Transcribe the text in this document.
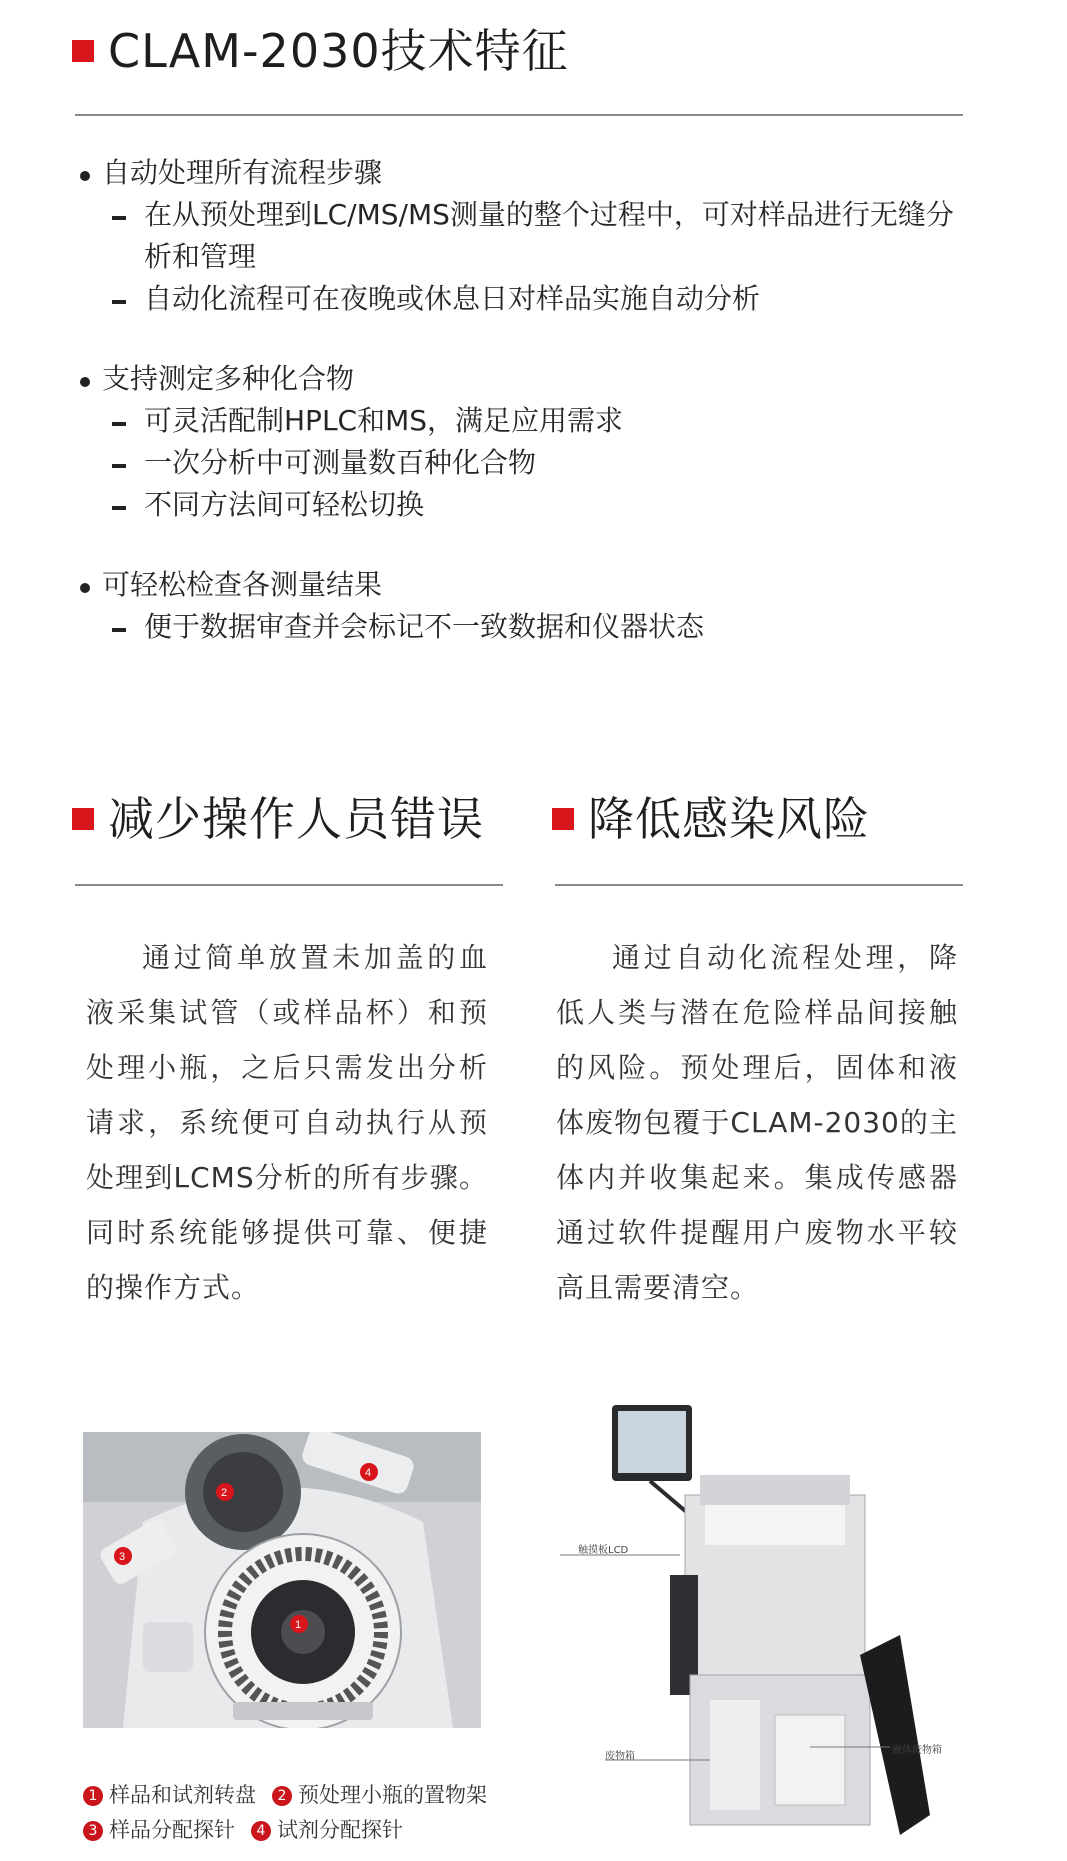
CLAM-2030技术特征
自动处理所有流程步骤
在从预处理到LC/MS/MS测量的整个过程中，可对样品进行无缝分析和管理
自动化流程可在夜晚或休息日对样品实施自动分析
支持测定多种化合物
可灵活配制HPLC和MS，满足应用需求
一次分析中可测量数百种化合物
不同方法间可轻松切换
可轻松检查各测量结果
便于数据审查并会标记不一致数据和仪器状态
减少操作人员错误 降低感染风险
通过简单放置未加盖的血液采集试管（或样品杯）和预处理小瓶，之后只需发出分析请求，系统便可自动执行从预处理到LCMS分析的所有步骤。同时系统能够提供可靠、便捷的操作方式。
通过自动化流程处理，降低人类与潜在危险样品间接触的风险。预处理后，固体和液体废物包覆于CLAM-2030的主体内并收集起来。集成传感器通过软件提醒用户废物水平较高且需要清空。
1
2
3
4
触摸板LCD
废物箱
液体废物箱
1 样品和试剂转盘	2 预处理小瓶的置物架
3 样品分配探针	4 试剂分配探针
